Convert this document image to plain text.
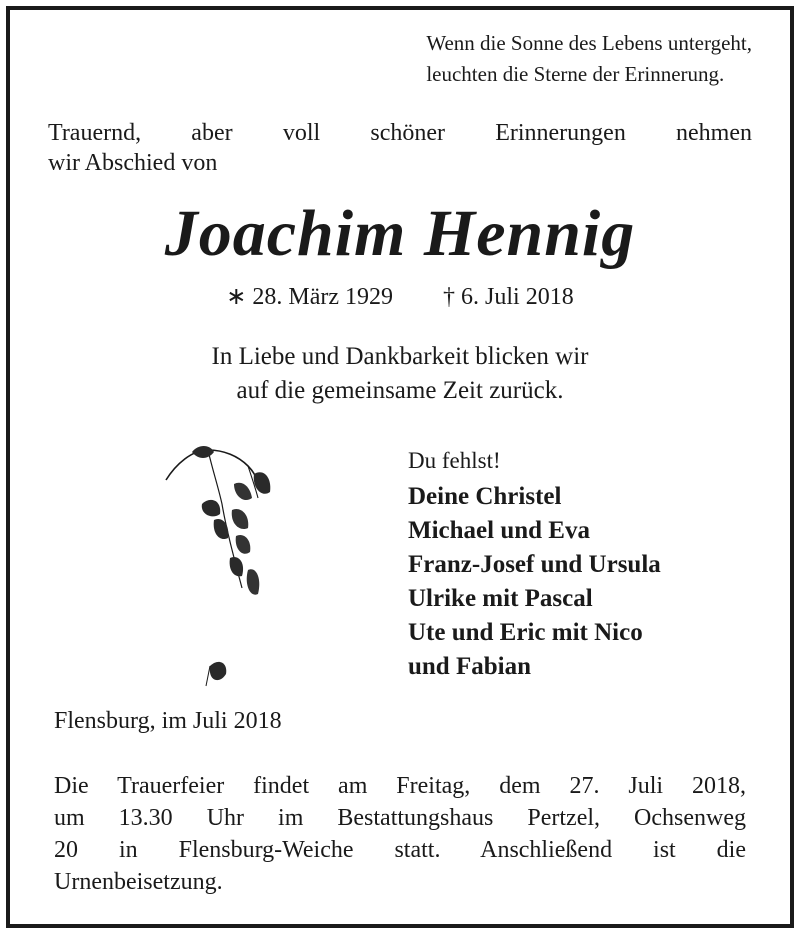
Wenn die Sonne des Lebens untergeht,
leuchten die Sterne der Erinnerung.
Trauernd, aber voll schöner Erinnerungen nehmen
wir Abschied von
Joachim Hennig
∗ 28. März 1929 † 6. Juli 2018
In Liebe und Dankbarkeit blicken wir
auf die gemeinsame Zeit zurück.
Du fehlst!
Deine Christel
Michael und Eva
Franz-Josef und Ursula
Ulrike mit Pascal
Ute und Eric mit Nico
und Fabian
Flensburg, im Juli 2018
Die Trauerfeier findet am Freitag, dem 27. Juli 2018,
um 13.30 Uhr im Bestattungshaus Pertzel, Ochsenweg
20 in Flensburg-Weiche statt. Anschließend ist die
Urnenbeisetzung.
